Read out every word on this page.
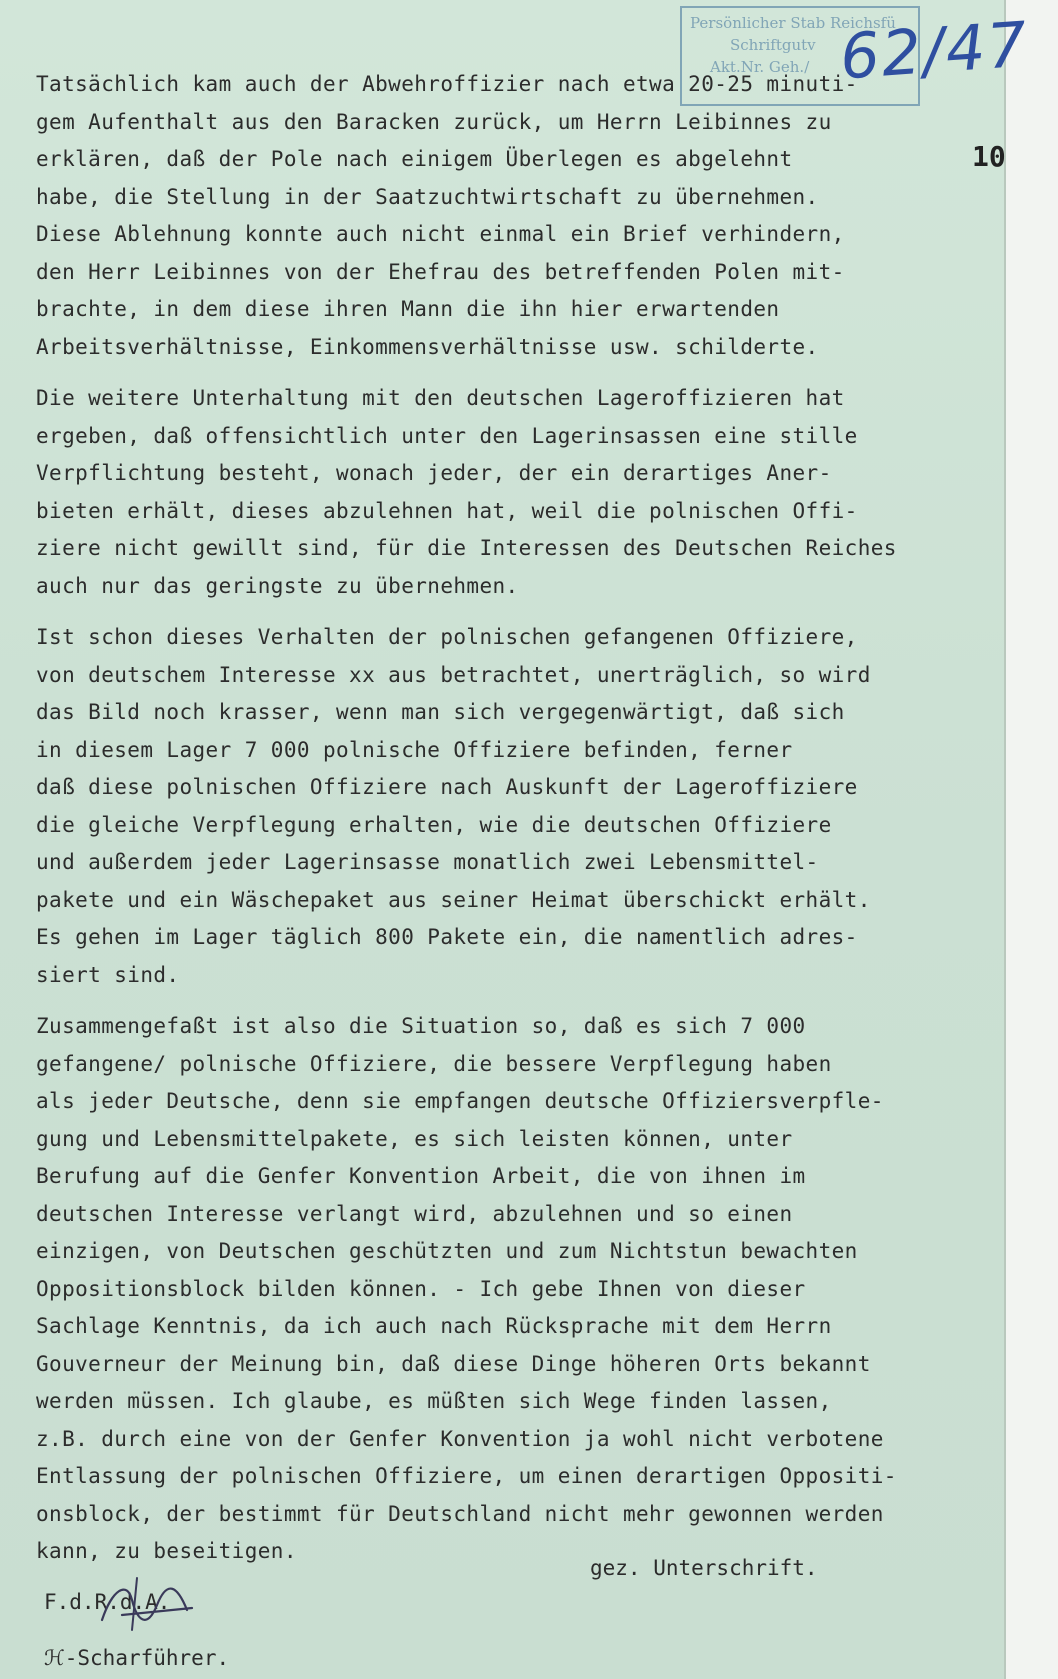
Persönlicher Stab Reichsfü
Schriftgutv
Akt.Nr. Geh./ 62/47
10
Tatsächlich kam auch der Abwehroffizier nach etwa 20-25 minuti-
gem Aufenthalt aus den Baracken zurück, um Herrn Leibinnes zu
erklären, daß der Pole nach einigem Überlegen es abgelehnt
habe, die Stellung in der Saatzuchtwirtschaft zu übernehmen.
Diese Ablehnung konnte auch nicht einmal ein Brief verhindern,
den Herr Leibinnes von der Ehefrau des betreffenden Polen mit-
brachte, in dem diese ihren Mann die ihn hier erwartenden
Arbeitsverhältnisse, Einkommensverhältnisse usw. schilderte.
Die weitere Unterhaltung mit den deutschen Lageroffizieren hat
ergeben, daß offensichtlich unter den Lagerinsassen eine stille
Verpflichtung besteht, wonach jeder, der ein derartiges Aner-
bieten erhält, dieses abzulehnen hat, weil die polnischen Offi-
ziere nicht gewillt sind, für die Interessen des Deutschen Reiches
auch nur das geringste zu übernehmen.
Ist schon dieses Verhalten der polnischen gefangenen Offiziere,
von deutschem Interesse xx aus betrachtet, unerträglich, so wird
das Bild noch krasser, wenn man sich vergegenwärtigt, daß sich
in diesem Lager 7 000 polnische Offiziere befinden, ferner
daß diese polnischen Offiziere nach Auskunft der Lageroffiziere
die gleiche Verpflegung erhalten, wie die deutschen Offiziere
und außerdem jeder Lagerinsasse monatlich zwei Lebensmittel-
pakete und ein Wäschepaket aus seiner Heimat überschickt erhält.
Es gehen im Lager täglich 800 Pakete ein, die namentlich adres-
siert sind.
Zusammengefaßt ist also die Situation so, daß es sich 7 000
gefangene/ polnische Offiziere, die bessere Verpflegung haben
als jeder Deutsche, denn sie empfangen deutsche Offiziersverpfle-
gung und Lebensmittelpakete, es sich leisten können, unter
Berufung auf die Genfer Konvention Arbeit, die von ihnen im
deutschen Interesse verlangt wird, abzulehnen und so einen
einzigen, von Deutschen geschützten und zum Nichtstun bewachten
Oppositionsblock bilden können. - Ich gebe Ihnen von dieser
Sachlage Kenntnis, da ich auch nach Rücksprache mit dem Herrn
Gouverneur der Meinung bin, daß diese Dinge höheren Orts bekannt
werden müssen. Ich glaube, es müßten sich Wege finden lassen,
z.B. durch eine von der Genfer Konvention ja wohl nicht verbotene
Entlassung der polnischen Offiziere, um einen derartigen Oppositi-
onsblock, der bestimmt für Deutschland nicht mehr gewonnen werden
kann, zu beseitigen.
gez. Unterschrift.
F.d.R.d.A.
ℋ-Scharführer.
